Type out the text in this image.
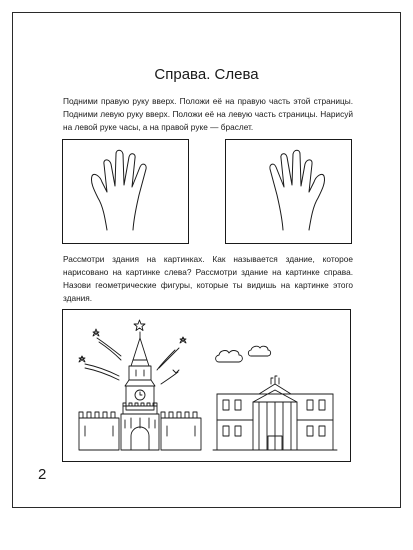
Справа. Слева
Подними правую руку вверх. Положи её на правую часть этой страницы. Подними левую руку вверх. Положи её на левую часть страницы. Нарисуй на левой руке часы, а на правой руке — браслет.
Рассмотри здания на картинках. Как называется здание, которое нарисовано на картинке слева? Рассмотри здание на картинке справа. Назови геометрические фигуры, которые ты видишь на картинке этого здания.
2
